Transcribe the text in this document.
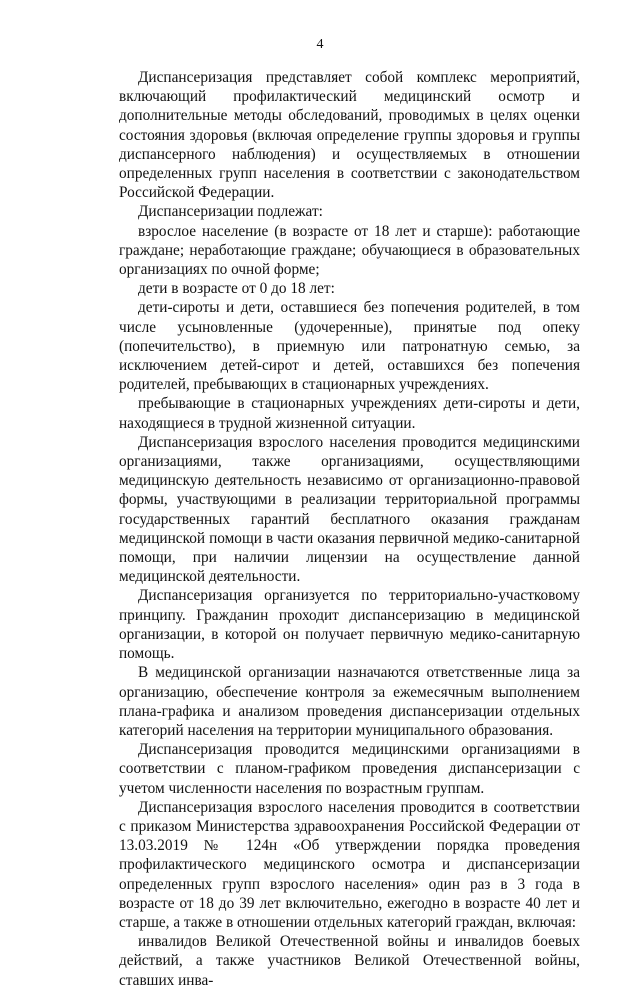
4

Диспансеризация представляет собой комплекс мероприятий, включающий профилактический медицинский осмотр и дополнительные методы обследований, проводимых в целях оценки состояния здоровья (включая определение группы здоровья и группы диспансерного наблюдения) и осуществляемых в отношении определенных групп населения в соответствии с законодательством Российской Федерации.

Диспансеризации подлежат:

взрослое население (в возрасте от 18 лет и старше): работающие граждане; неработающие граждане; обучающиеся в образовательных организациях по очной форме;

дети в возрасте от 0 до 18 лет:

дети-сироты и дети, оставшиеся без попечения родителей, в том числе усыновленные (удочеренные), принятые под опеку (попечительство), в приемную или патронатную семью, за исключением детей-сирот и детей, оставшихся без попечения родителей, пребывающих в стационарных учреждениях.

пребывающие в стационарных учреждениях дети-сироты и дети, находящиеся в трудной жизненной ситуации.

Диспансеризация взрослого населения проводится медицинскими организациями, также организациями, осуществляющими медицинскую деятельность независимо от организационно-правовой формы, участвующими в реализации территориальной программы государственных гарантий бесплатного оказания гражданам медицинской помощи в части оказания первичной медико-санитарной помощи, при наличии лицензии на осуществление данной медицинской деятельности.

Диспансеризация организуется по территориально-участковому принципу. Гражданин проходит диспансеризацию в медицинской организации, в которой он получает первичную медико-санитарную помощь.

В медицинской организации назначаются ответственные лица за организацию, обеспечение контроля за ежемесячным выполнением плана-графика и анализом проведения диспансеризации отдельных категорий населения на территории муниципального образования.

Диспансеризация проводится медицинскими организациями в соответствии с планом-графиком проведения диспансеризации с учетом численности населения по возрастным группам.

Диспансеризация взрослого населения проводится в соответствии с приказом Министерства здравоохранения Российской Федерации от 13.03.2019 № 124н «Об утверждении порядка проведения профилактического медицинского осмотра и диспансеризации определенных групп взрослого населения» один раз в 3 года в возрасте от 18 до 39 лет включительно, ежегодно в возрасте 40 лет и старше, а также в отношении отдельных категорий граждан, включая:

инвалидов Великой Отечественной войны и инвалидов боевых действий, а также участников Великой Отечественной войны, ставших инва-
